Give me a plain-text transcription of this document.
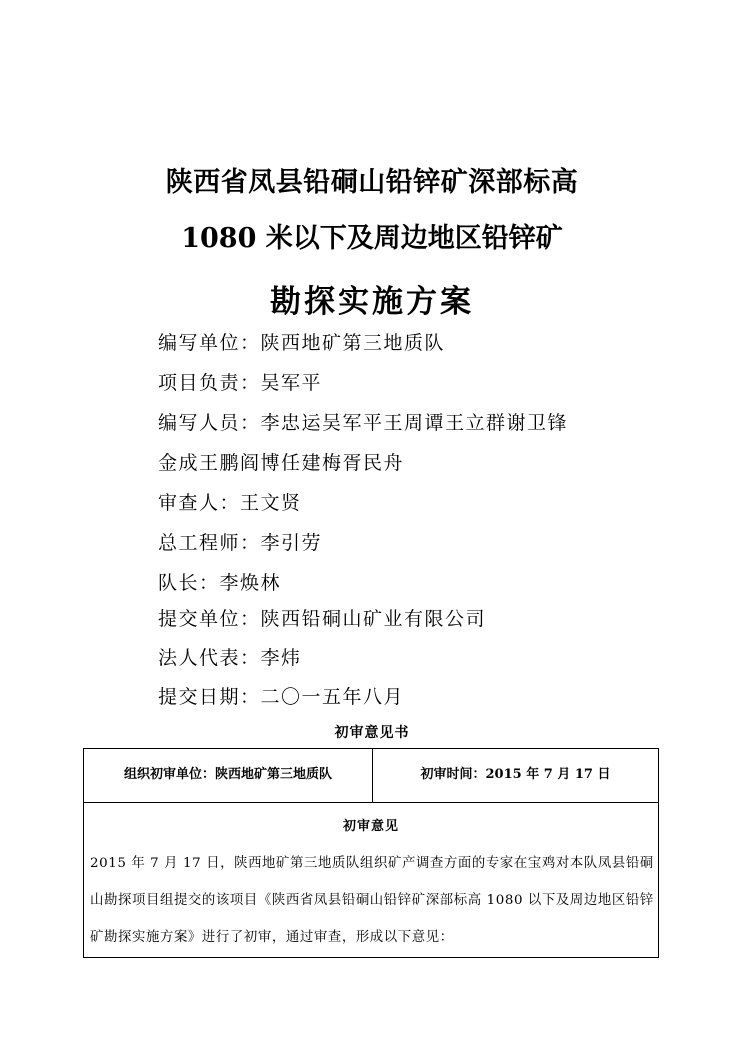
陕西省凤县铅硐山铅锌矿深部标高
1080 米以下及周边地区铅锌矿
勘探实施方案
编写单位：陕西地矿第三地质队
项目负责：吴军平
编写人员：李忠运吴军平王周谭王立群谢卫锋
金成王鹏阎博任建梅胥民舟
审查人：王文贤
总工程师：李引劳
队长：李焕林
提交单位：陕西铅硐山矿业有限公司
法人代表：李炜
提交日期：二〇一五年八月
初审意见书
组织初审单位：陕西地矿第三地质队	初审时间：2015 年 7 月 17 日
初审意见
2015 年 7 月 17 日，陕西地矿第三地质队组织矿产调查方面的专家在宝鸡对本队凤县铅硐山勘探项目组提交的该项目《陕西省凤县铅硐山铅锌矿深部标高 1080 以下及周边地区铅锌矿勘探实施方案》进行了初审，通过审查，形成以下意见：
